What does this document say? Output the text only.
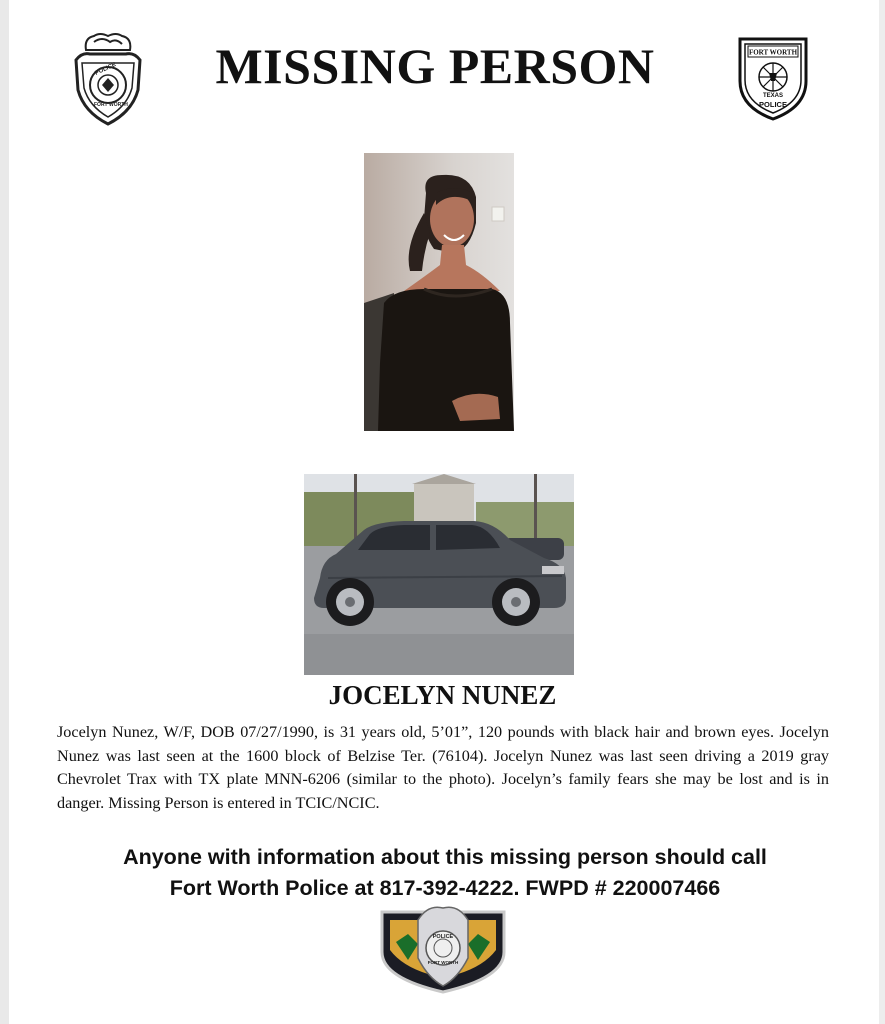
POLICE
FORT WORTH
MISSING PERSON	FORT WORTH
TEXAS
POLICE
JOCELYN NUNEZ
Jocelyn Nunez, W/F, DOB 07/27/1990, is 31 years old, 5’01”, 120 pounds with black hair and brown eyes. Jocelyn Nunez was last seen at the 1600 block of Belzise Ter. (76104). Jocelyn Nunez was last seen driving a 2019 gray Chevrolet Trax with TX plate MNN-6206 (similar to the photo). Jocelyn’s family fears she may be lost and is in danger. Missing Person is entered in TCIC/NCIC.
Anyone with information about this missing person should call
Fort Worth Police at 817-392-4222. FWPD # 220007466
POLICE
FORT WORTH
